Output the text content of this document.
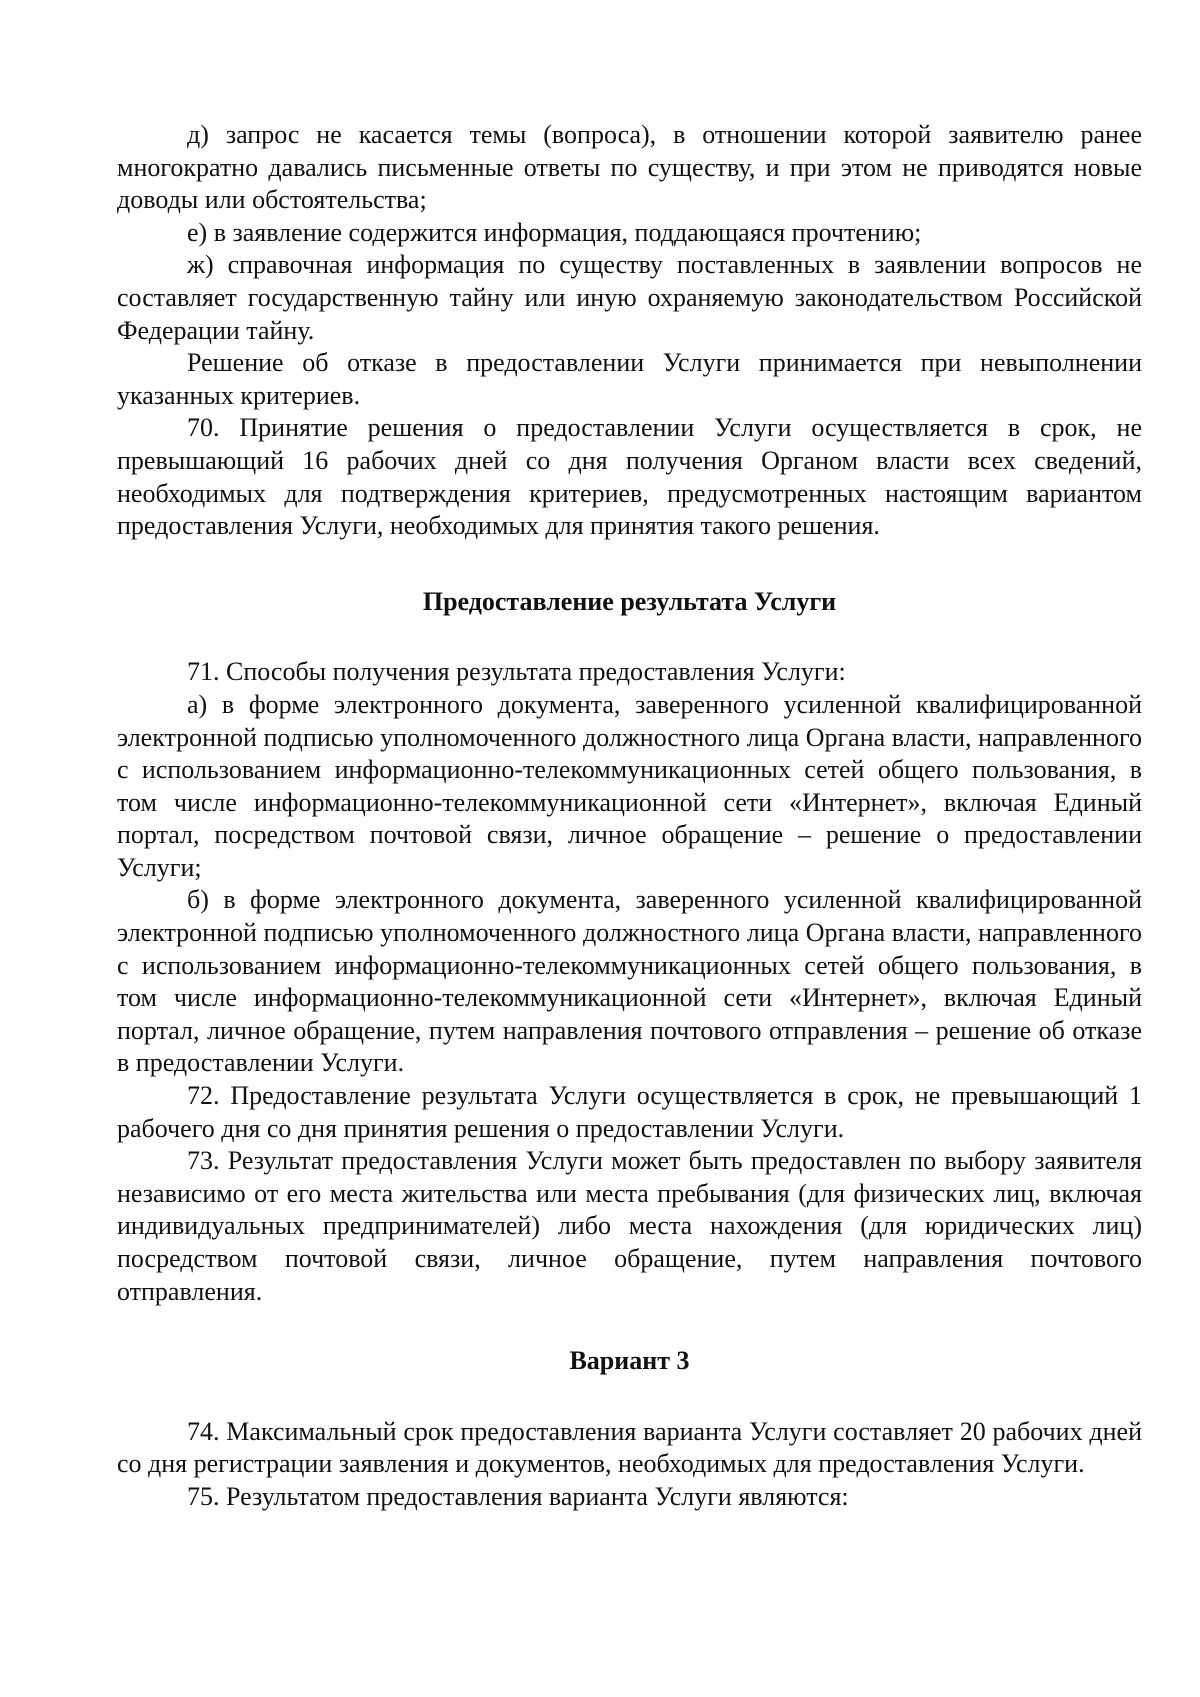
д) запрос не касается темы (вопроса), в отношении которой заявителю ранее многократно давались письменные ответы по существу, и при этом не приводятся новые доводы или обстоятельства;

е) в заявление содержится информация, поддающаяся прочтению;

ж) справочная информация по существу поставленных в заявлении вопросов не составляет государственную тайну или иную охраняемую законодательством Российской Федерации тайну.

Решение об отказе в предоставлении Услуги принимается при невыполнении указанных критериев.

70. Принятие решения о предоставлении Услуги осуществляется в срок, не превышающий 16 рабочих дней со дня получения Органом власти всех сведений, необходимых для подтверждения критериев, предусмотренных настоящим вариантом предоставления Услуги, необходимых для принятия такого решения.

Предоставление результата Услуги

71. Способы получения результата предоставления Услуги:

а) в форме электронного документа, заверенного усиленной квалифицированной электронной подписью уполномоченного должностного лица Органа власти, направленного с использованием информационно-телекоммуникационных сетей общего пользования, в том числе информационно-телекоммуникационной сети «Интернет», включая Единый портал, посредством почтовой связи, личное обращение – решение о предоставлении Услуги;

б) в форме электронного документа, заверенного усиленной квалифицированной электронной подписью уполномоченного должностного лица Органа власти, направленного с использованием информационно-телекоммуникационных сетей общего пользования, в том числе информационно-телекоммуникационной сети «Интернет», включая Единый портал, личное обращение, путем направления почтового отправления – решение об отказе в предоставлении Услуги.

72. Предоставление результата Услуги осуществляется в срок, не превышающий 1 рабочего дня со дня принятия решения о предоставлении Услуги.

73. Результат предоставления Услуги может быть предоставлен по выбору заявителя независимо от его места жительства или места пребывания (для физических лиц, включая индивидуальных предпринимателей) либо места нахождения (для юридических лиц) посредством почтовой связи, личное обращение, путем направления почтового отправления.

Вариант 3

74. Максимальный срок предоставления варианта Услуги составляет 20 рабочих дней со дня регистрации заявления и документов, необходимых для предоставления Услуги.

75. Результатом предоставления варианта Услуги являются:
